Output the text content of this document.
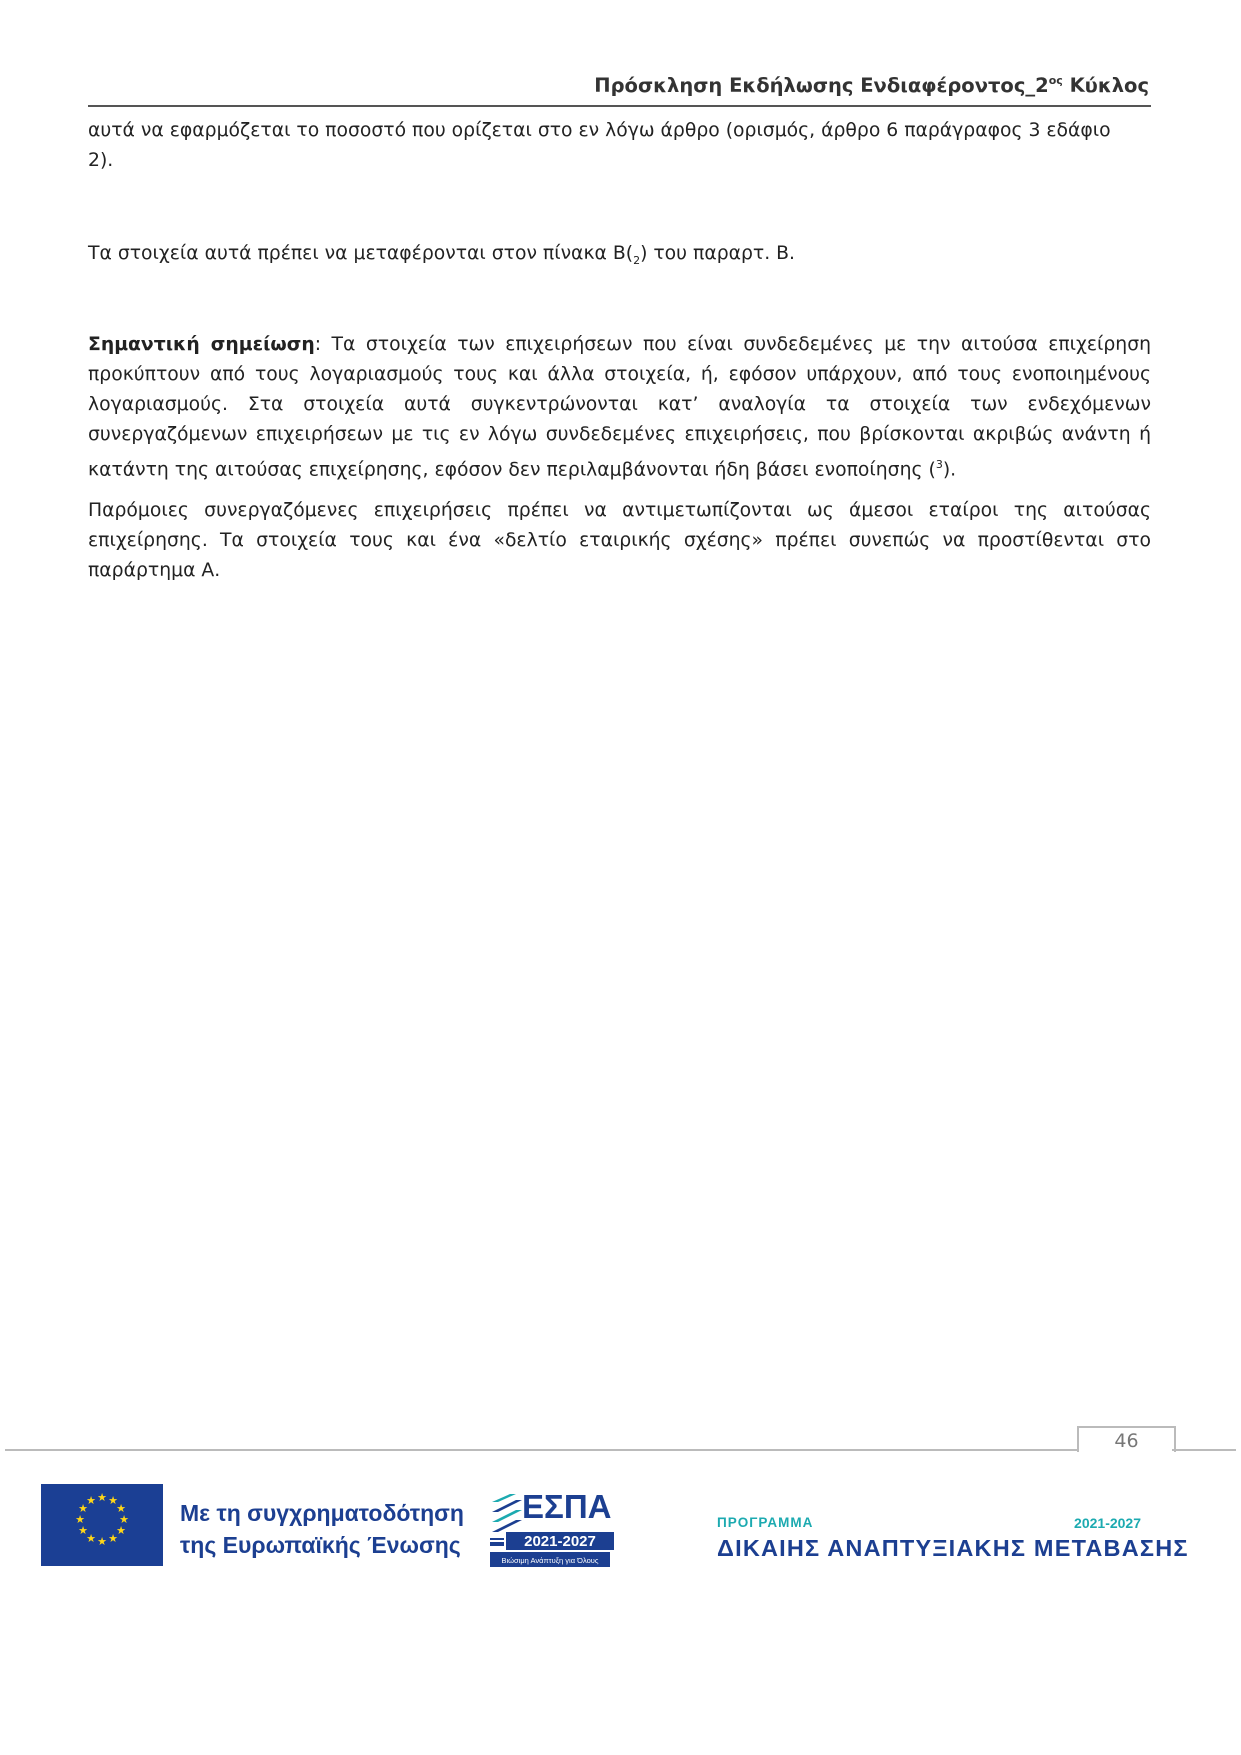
Πρόσκληση Εκδήλωσης $E\nu\delta\iota\alpha\varphi έ\rho o\nu\tau o\varsigma\_2^{o\varsigma}$ Κύκλος

αυτά να εφαρμόζεται το ποσοστό που ορίζεται στο εν λόγω άρθρο (ορισμός, άρθρο 6 παράγραφος 3 εδάφιο
2).

Τα στοιχεία αυτά πρέπει να μεταφέρονται στον πίνακα $B(_2)$ του παραρτ. Β.

Σημαντική σημείωση: Τα στοιχεία των επιχειρήσεων που είναι συνδεδεμένες με την αιτούσα επιχείρηση προκύπτουν από τους λογαριασμούς τους και άλλα στοιχεία, ή, εφόσον υπάρχουν, από τους ενοποιημένους λογαριασμούς. Στα στοιχεία αυτά συγκεντρώνονται κατ’ αναλογία τα στοιχεία των ενδεχόμενων συνεργαζόμενων επιχειρήσεων με τις εν λόγω συνδεδεμένες επιχειρήσεις, που βρίσκονται ακριβώς ανάντη ή κατάντη της αιτούσας επιχείρησης, εφόσον δεν περιλαμβάνονται ήδη βάσει ενοποίησης ($^3$).

Παρόμοιες συνεργαζόμενες επιχειρήσεις πρέπει να αντιμετωπίζονται ως άμεσοι εταίροι της αιτούσας επιχείρησης. Τα στοιχεία τους και ένα «δελτίο εταιρικής σχέσης» πρέπει συνεπώς να προστίθενται στο παράρτημα Α.

46
★ ★
★
★
★
★
★
★
★
★
★
★	Με τη συγχρηματοδότηση
της Ευρωπαϊκής Ένωσης
ΕΣΠΑ
2021-2027
Βιώσιμη Ανάπτυξη για Όλους
ΠΡΟΓΡΑΜΜΑ	2021-2027
ΔΙΚΑΙΗΣ ΑΝΑΠΤΥΞΙΑΚΗΣ ΜΕΤΑΒΑΣΗΣ
